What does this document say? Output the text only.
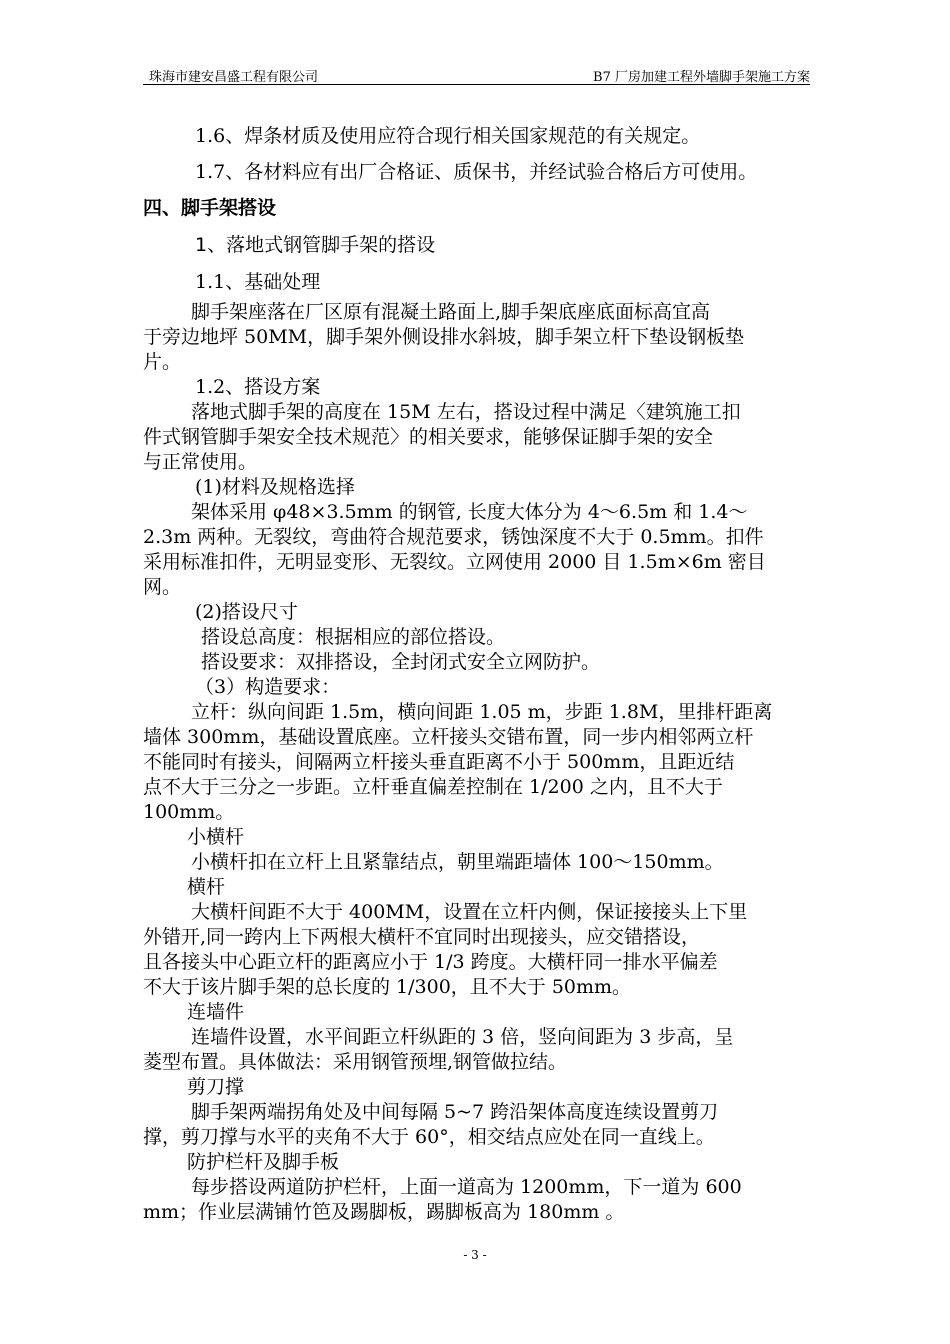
珠海市建安昌盛工程有限公司	B7 厂房加建工程外墙脚手架施工方案

1.6、焊条材质及使用应符合现行相关国家规范的有关规定。

1.7、各材料应有出厂合格证、质保书，并经试验合格后方可使用。

四、脚手架搭设

1、落地式钢管脚手架的搭设

1.1、基础处理

脚手架座落在厂区原有混凝土路面上,脚手架底座底面标高宜高

于旁边地坪 50MM，脚手架外侧设排水斜坡，脚手架立杆下垫设钢板垫

片。

1.2、搭设方案

落地式脚手架的高度在 15M 左右，搭设过程中满足〈建筑施工扣

件式钢管脚手架安全技术规范〉的相关要求，能够保证脚手架的安全

与正常使用。

(1)材料及规格选择

架体采用 φ48×3.5mm 的钢管, 长度大体分为 4～6.5m 和 1.4～

2.3m 两种。无裂纹，弯曲符合规范要求，锈蚀深度不大于 0.5mm。扣件

采用标准扣件，无明显变形、无裂纹。立网使用 2000 目 1.5m×6m 密目

网。

(2)搭设尺寸

搭设总高度：根据相应的部位搭设。

搭设要求：双排搭设，全封闭式安全立网防护。

（3）构造要求：

立杆：纵向间距 1.5m，横向间距 1.05 m，步距 1.8M，里排杆距离

墙体 300mm，基础设置底座。立杆接头交错布置，同一步内相邻两立杆

不能同时有接头，间隔两立杆接头垂直距离不小于 500mm，且距近结

点不大于三分之一步距。立杆垂直偏差控制在 1/200 之内，且不大于

100mm。

小横杆

小横杆扣在立杆上且紧靠结点，朝里端距墙体 100～150mm。

横杆

大横杆间距不大于 400MM，设置在立杆内侧，保证接接头上下里

外错开,同一跨内上下两根大横杆不宜同时出现接头，应交错搭设，

且各接头中心距立杆的距离应小于 1/3 跨度。大横杆同一排水平偏差

不大于该片脚手架的总长度的 1/300，且不大于 50mm。

连墙件

连墙件设置，水平间距立杆纵距的 3 倍，竖向间距为 3 步高，呈

菱型布置。具体做法：采用钢管预埋,钢管做拉结。

剪刀撑

脚手架两端拐角处及中间每隔 5~7 跨沿架体高度连续设置剪刀

撑，剪刀撑与水平的夹角不大于 60°，相交结点应处在同一直线上。

防护栏杆及脚手板

每步搭设两道防护栏杆，上面一道高为 1200mm，下一道为 600

mm；作业层满铺竹笆及踢脚板，踢脚板高为 180mm 。

- 3 -
